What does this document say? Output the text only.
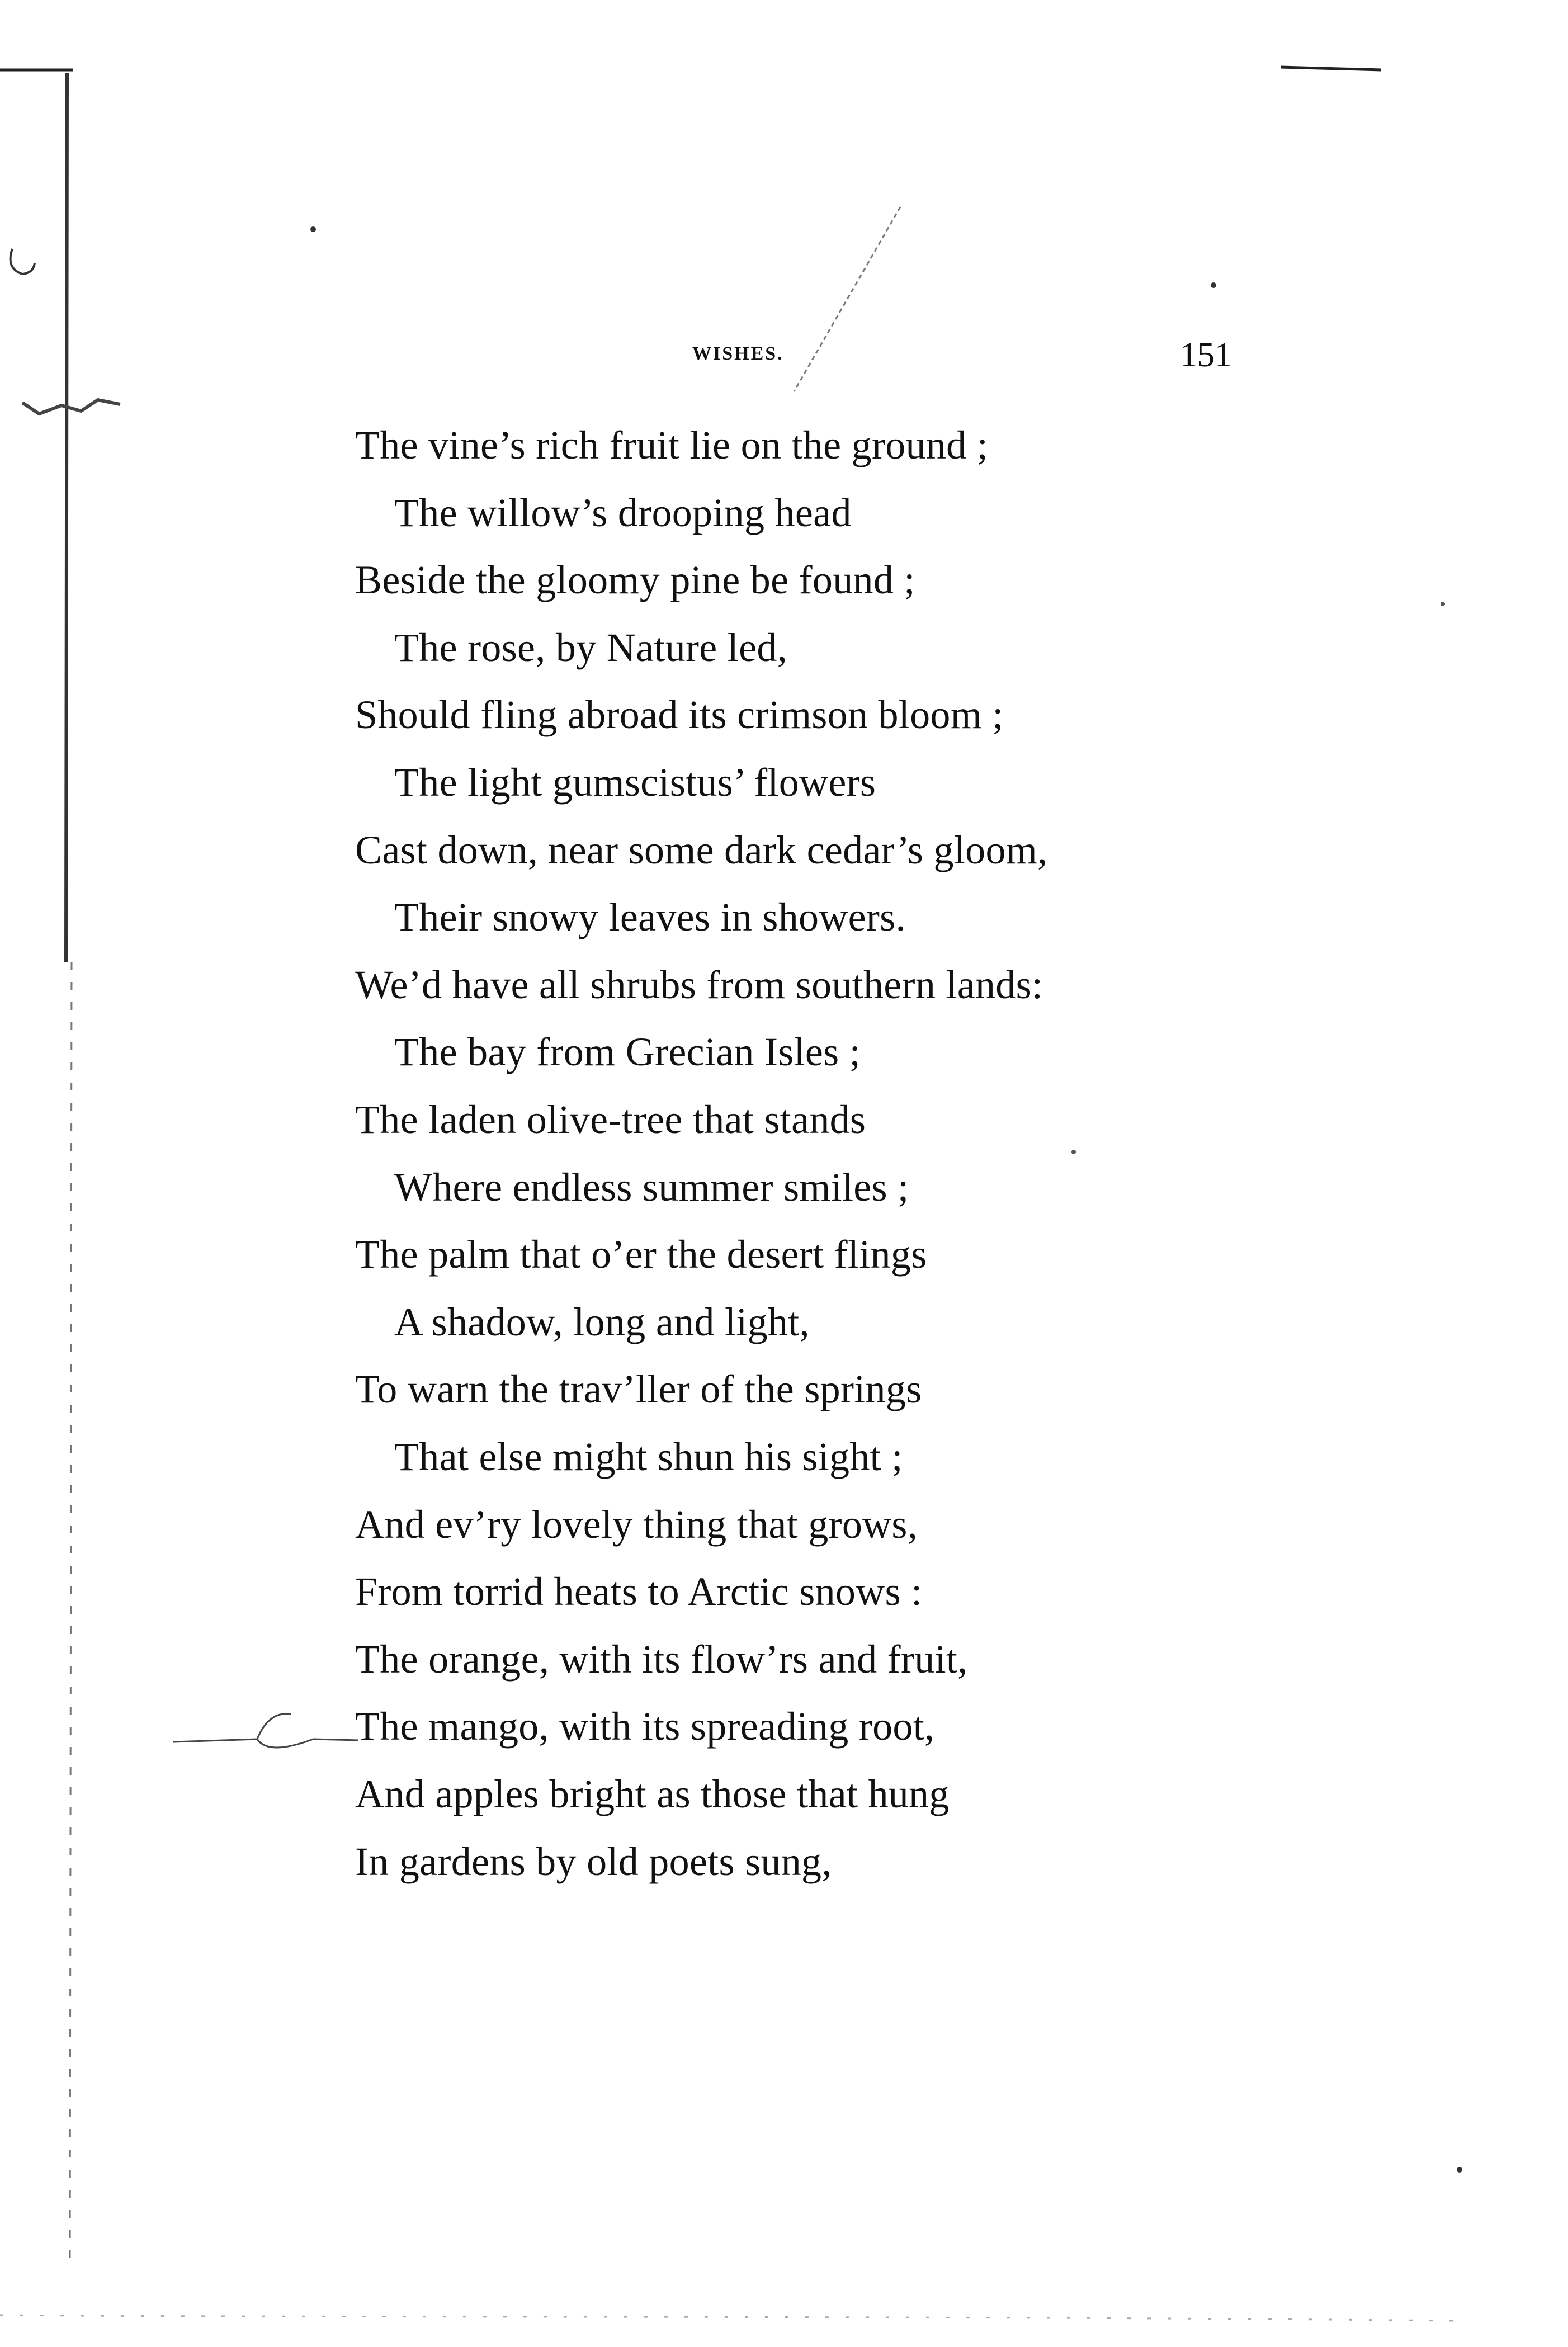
WISHES.	151
The vine’s rich fruit lie on the ground ;
The willow’s drooping head
Beside the gloomy pine be found ;
The rose, by Nature led,
Should fling abroad its crimson bloom ;
The light gumscistus’ flowers
Cast down, near some dark cedar’s gloom,
Their snowy leaves in showers.
We’d have all shrubs from southern lands:
The bay from Grecian Isles ;
The laden olive-tree that stands
Where endless summer smiles ;
The palm that o’er the desert flings
A shadow, long and light,
To warn the trav’ller of the springs
That else might shun his sight ;
And ev’ry lovely thing that grows,
From torrid heats to Arctic snows :
The orange, with its flow’rs and fruit,
The mango, with its spreading root,
And apples bright as those that hung
In gardens by old poets sung,
